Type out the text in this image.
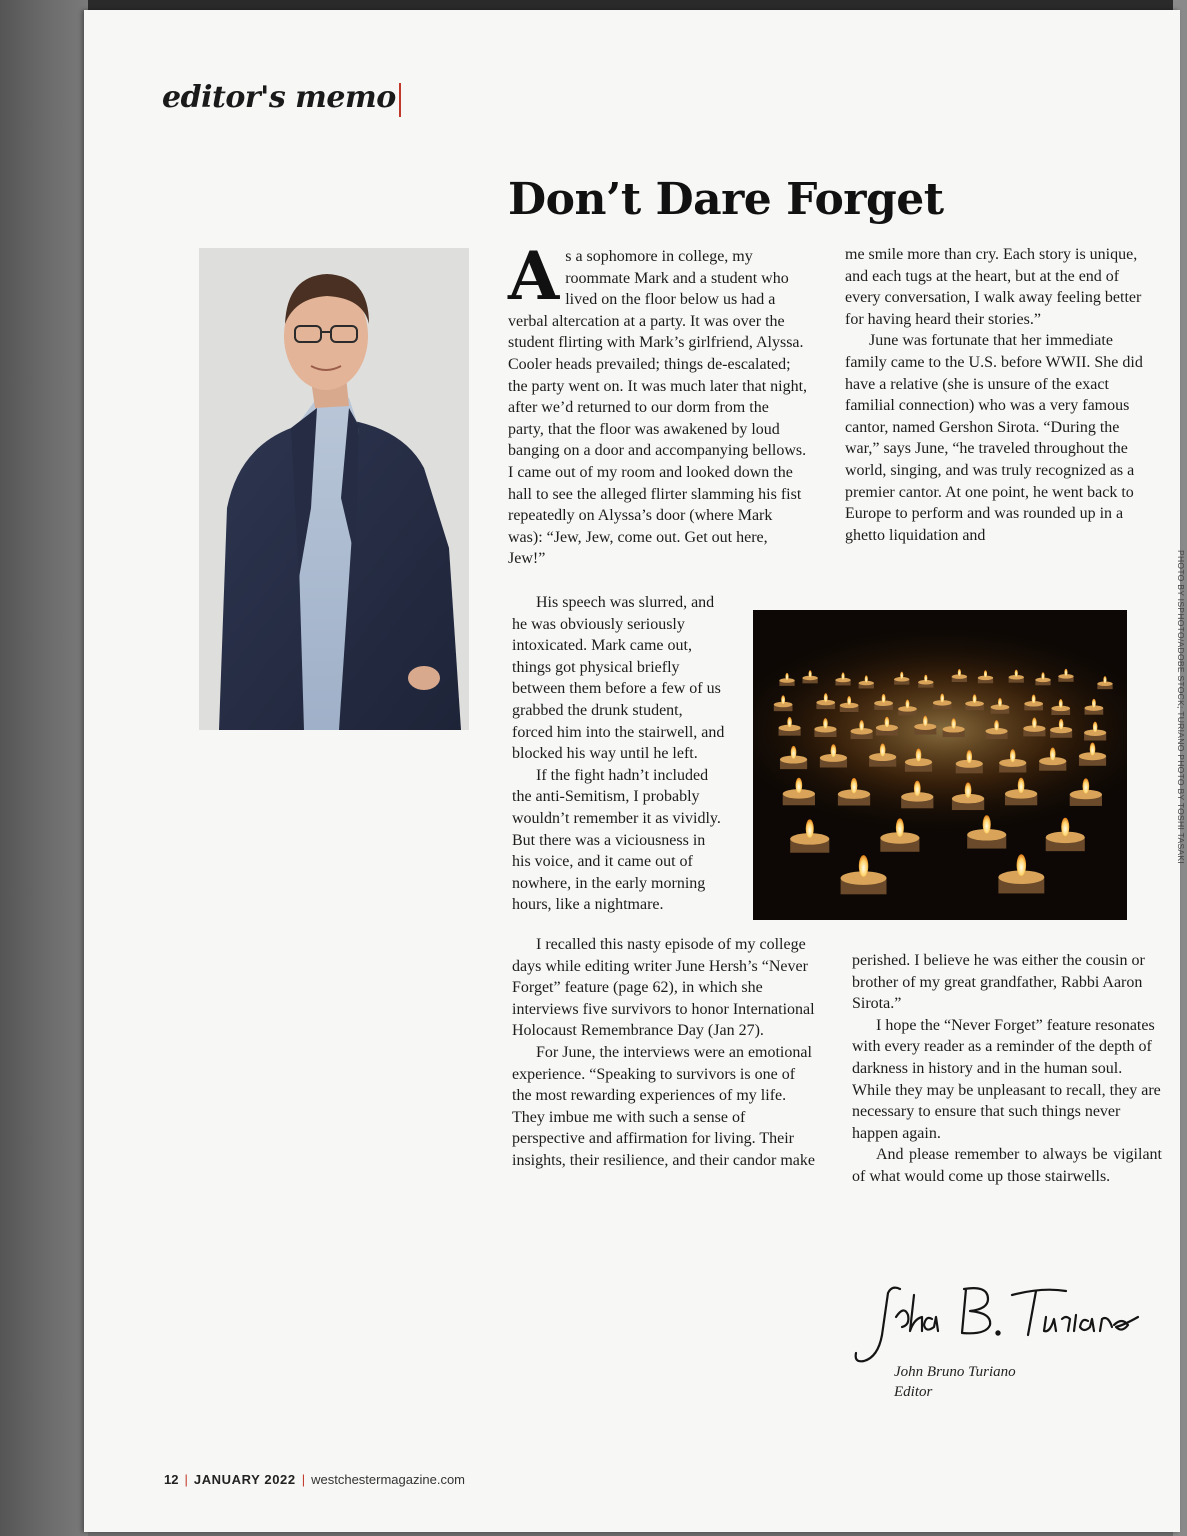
editor's memo
Don’t Dare Forget
A s a sophomore in college, my roommate Mark and a student who lived on the floor below us had a verbal altercation at a party. It was over the student flirting with Mark’s girlfriend, Alyssa. Cooler heads prevailed; things de-escalated; the party went on. It was much later that night, after we’d returned to our dorm from the party, that the floor was awakened by loud banging on a door and accompanying bellows. I came out of my room and looked down the hall to see the alleged flirter slamming his fist repeatedly on Alyssa’s door (where Mark was): “Jew, Jew, come out. Get out here, Jew!”

His speech was slurred, and he was obviously seriously intoxicated. Mark came out, things got physical briefly between them before a few of us grabbed the drunk student, forced him into the stairwell, and blocked his way until he left.

If the fight hadn’t included the anti-Semitism, I probably wouldn’t remember it as vividly. But there was a viciousness in his voice, and it came out of nowhere, in the early morning hours, like a nightmare.

I recalled this nasty episode of my college days while editing writer June Hersh’s “Never Forget” feature (page 62), in which she interviews five survivors to honor International Holocaust Remembrance Day (Jan 27).

For June, the interviews were an emotional experience. “Speaking to survivors is one of the most rewarding experiences of my life. They imbue me with such a sense of perspective and affirmation for living. Their insights, their resilience, and their candor make

me smile more than cry. Each story is unique, and each tugs at the heart, but at the end of every conversation, I walk away feeling better for having heard their stories.”

June was fortunate that her immediate family came to the U.S. before WWII. She did have a relative (she is unsure of the exact familial connection) who was a very famous cantor, named Gershon Sirota. “During the war,” says June, “he traveled throughout the world, singing, and was truly recognized as a premier cantor. At one point, he went back to Europe to perform and was rounded up in a ghetto liquidation and

perished. I believe he was either the cousin or brother of my great grandfather, Rabbi Aaron Sirota.”

I hope the “Never Forget” feature resonates with every reader as a reminder of the depth of darkness in history and in the human soul. While they may be unpleasant to recall, they are necessary to ensure that such things never happen again.

And please remember to always be vigilant of what would come up those stairwells.

John Bruno Turiano
Editor
PHOTO BY ISPHOTO/ADOBE STOCK; TURIANO PHOTO BY TOSHI TASAKI
12 | JANUARY 2022 | westchestermagazine.com
